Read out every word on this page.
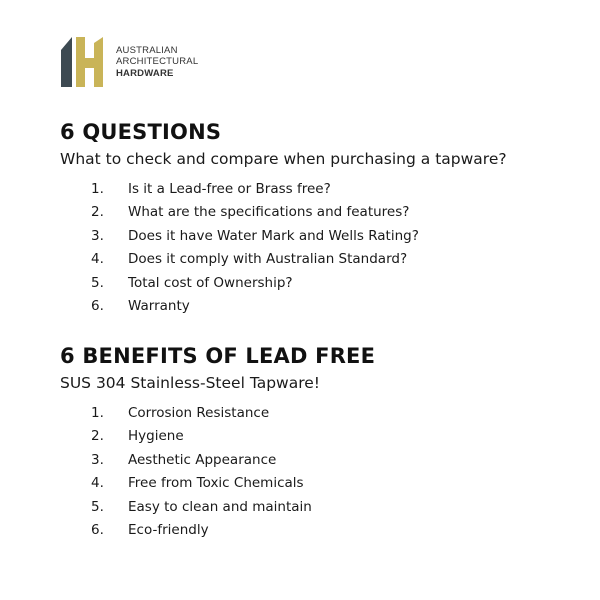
AUSTRALIAN
ARCHITECTURAL
HARDWARE
6 QUESTIONS
What to check and compare when purchasing a tapware?
1.	Is it a Lead-free or Brass free?
2.	What are the specifications and features?
3.	Does it have Water Mark and Wells Rating?
4.	Does it comply with Australian Standard?
5.	Total cost of Ownership?
6.	Warranty
6 BENEFITS OF LEAD FREE
SUS 304 Stainless-Steel Tapware!
1.	Corrosion Resistance
2.	Hygiene
3.	Aesthetic Appearance
4.	Free from Toxic Chemicals
5.	Easy to clean and maintain
6.	Eco-friendly
